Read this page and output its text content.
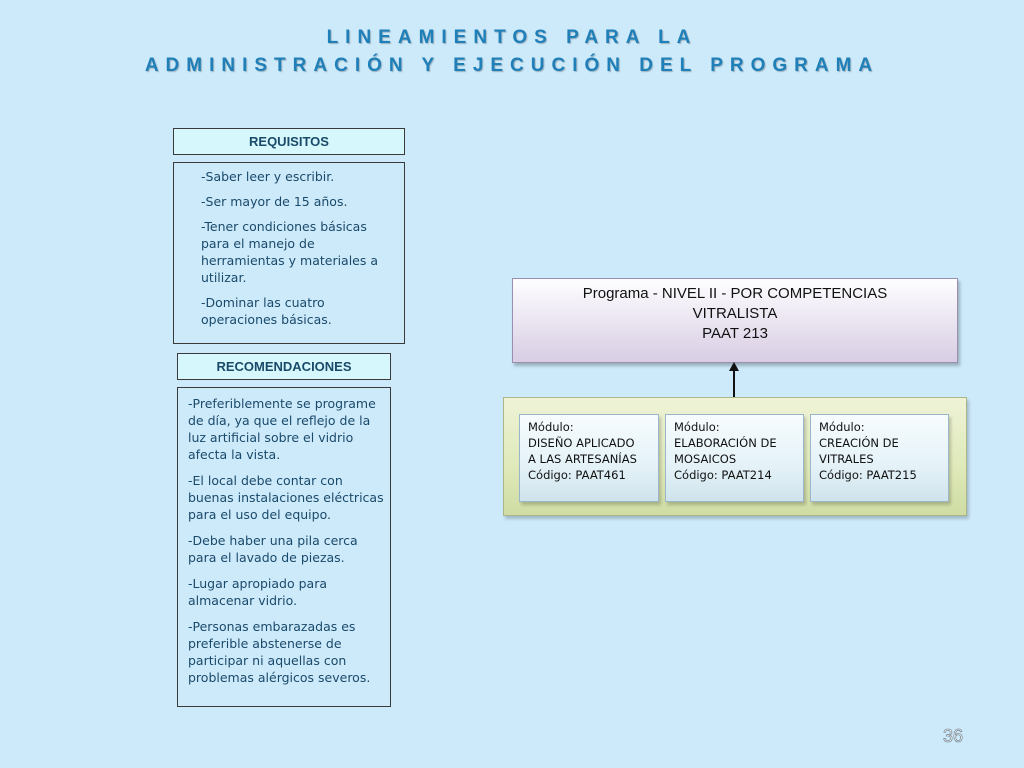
LINEAMIENTOS PARA LA
ADMINISTRACIÓN Y EJECUCIÓN DEL PROGRAMA
REQUISITOS

-Saber leer y escribir.

-Ser mayor de 15 años.

-Tener condiciones básicas para el manejo de herramientas y materiales a utilizar.

-Dominar las cuatro operaciones básicas.

RECOMENDACIONES

-Preferiblemente se programe de día, ya que el reflejo de la luz artificial sobre el vidrio afecta la vista.

-El local debe contar con buenas instalaciones eléctricas para el uso del equipo.

-Debe haber una pila cerca para el lavado de piezas.

-Lugar apropiado para almacenar vidrio.

-Personas embarazadas es preferible abstenerse de participar ni aquellas con problemas alérgicos severos.

Programa - NIVEL II - POR COMPETENCIAS
VITRALISTA
PAAT 213
Módulo:
DISEÑO APLICADO
A LAS ARTESANÍAS
Código: PAAT461
Módulo:
ELABORACIÓN DE
MOSAICOS
Código: PAAT214
Módulo:
CREACIÓN DE
VITRALES
Código: PAAT215
36
